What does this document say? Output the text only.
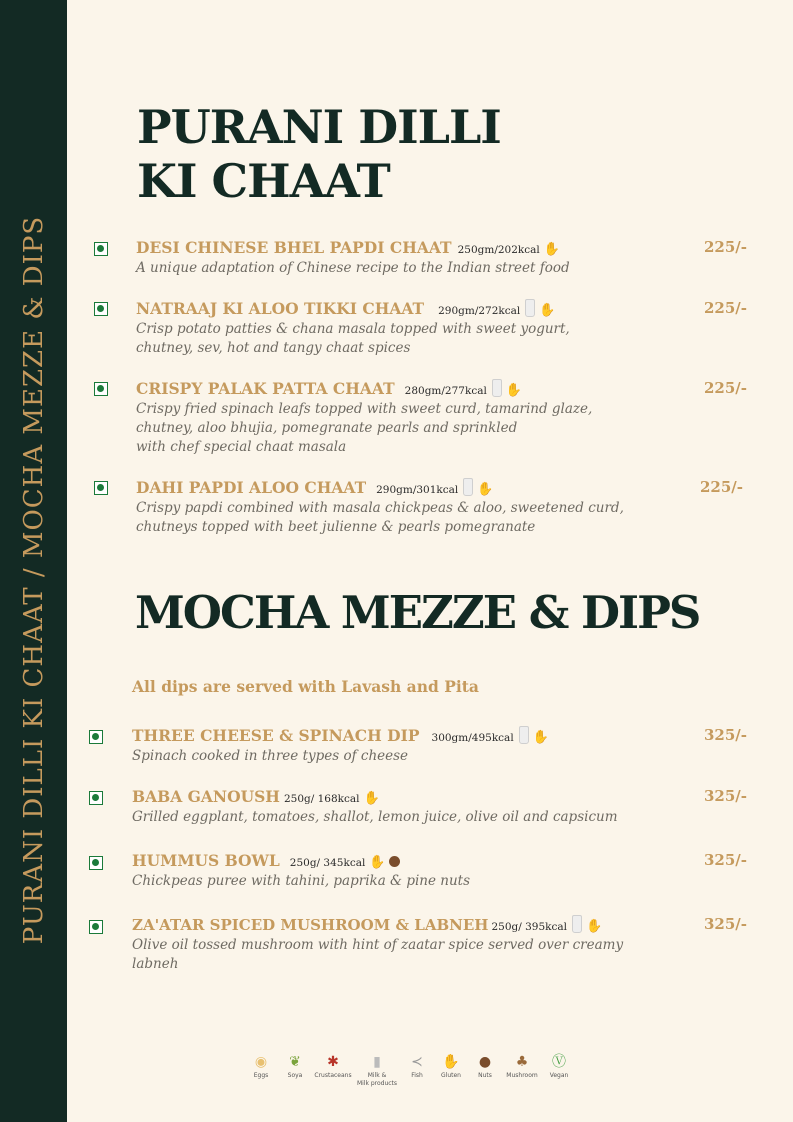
PURANI DILLI KI CHAAT / MOCHA MEZZE & DIPS
PURANI DILLI
KI CHAAT
DESI CHINESE BHEL PAPDI CHAAT 250gm/202kcal ✋
A unique adaptation of Chinese recipe to the Indian street food
225/-
NATRAAJ KI ALOO TIKKI CHAAT 290gm/272kcal ✋
Crisp potato patties & chana masala topped with sweet yogurt,
chutney, sev, hot and tangy chaat spices
225/-
CRISPY PALAK PATTA CHAAT 280gm/277kcal ✋
Crispy fried spinach leafs topped with sweet curd, tamarind glaze,
chutney, aloo bhujia, pomegranate pearls and sprinkled
with chef special chaat masala
225/-
DAHI PAPDI ALOO CHAAT 290gm/301kcal ✋
Crispy papdi combined with masala chickpeas & aloo, sweetened curd,
chutneys topped with beet julienne & pearls pomegranate
225/-
MOCHA MEZZE & DIPS
All dips are served with Lavash and Pita
THREE CHEESE & SPINACH DIP 300gm/495kcal ✋
Spinach cooked in three types of cheese
325/-
BABA GANOUSH 250g/ 168kcal ✋
Grilled eggplant, tomatoes, shallot, lemon juice, olive oil and capsicum
325/-
HUMMUS BOWL 250g/ 345kcal ✋
Chickpeas puree with tahini, paprika & pine nuts
325/-
ZA'ATAR SPICED MUSHROOM & LABNEH 250g/ 395kcal ✋
Olive oil tossed mushroom with hint of zaatar spice served over creamy
labneh
325/-
◉
Eggs
❦
Soya
✱
Crustaceans
▮
Milk &
Milk products
≺
Fish
✋
Gluten
●
Nuts
♣
Mushroom
Ⓥ
Vegan
